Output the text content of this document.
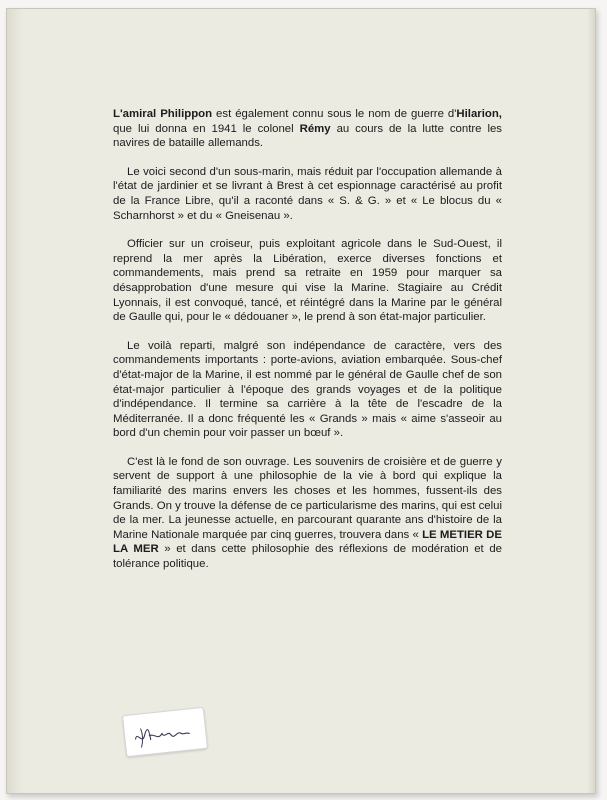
L'amiral Philippon est également connu sous le nom de guerre d'Hilarion, que lui donna en 1941 le colonel Rémy au cours de la lutte contre les navires de bataille allemands.

Le voici second d'un sous-marin, mais réduit par l'occupation allemande à l'état de jardinier et se livrant à Brest à cet espionnage caractérisé au profit de la France Libre, qu'il a raconté dans « S. & G. » et « Le blocus du « Scharnhorst » et du « Gneisenau ».

Officier sur un croiseur, puis exploitant agricole dans le Sud-Ouest, il reprend la mer après la Libération, exerce diverses fonctions et commandements, mais prend sa retraite en 1959 pour marquer sa désapprobation d'une mesure qui vise la Marine. Stagiaire au Crédit Lyonnais, il est convoqué, tancé, et réintégré dans la Marine par le général de Gaulle qui, pour le « dédouaner », le prend à son état-major particulier.

Le voilà reparti, malgré son indépendance de caractère, vers des commandements importants : porte-avions, aviation embarquée. Sous-chef d'état-major de la Marine, il est nommé par le général de Gaulle chef de son état-major particulier à l'époque des grands voyages et de la politique d'indépendance. Il termine sa carrière à la tête de l'escadre de la Méditerranée. Il a donc fréquenté les « Grands » mais « aime s'asseoir au bord d'un chemin pour voir passer un bœuf ».

C'est là le fond de son ouvrage. Les souvenirs de croisière et de guerre y servent de support à une philosophie de la vie à bord qui explique la familiarité des marins envers les choses et les hommes, fussent-ils des Grands. On y trouve la défense de ce particularisme des marins, qui est celui de la mer. La jeunesse actuelle, en parcourant quarante ans d'histoire de la Marine Nationale marquée par cinq guerres, trouvera dans « LE METIER DE LA MER » et dans cette philosophie des réflexions de modération et de tolérance politique.
